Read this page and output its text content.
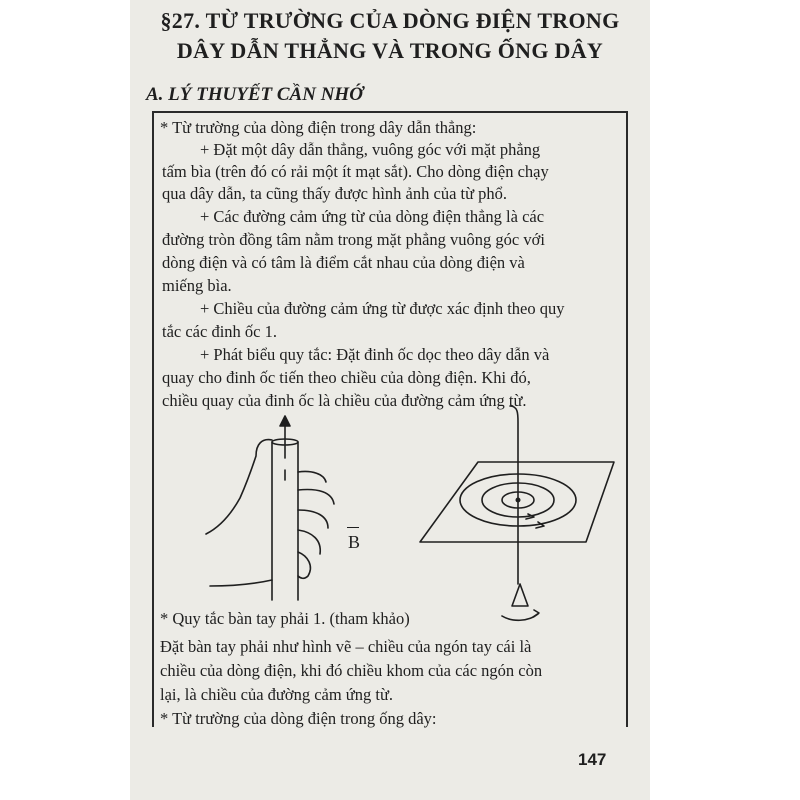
§27. TỪ TRƯỜNG CỦA DÒNG ĐIỆN TRONG
DÂY DẪN THẲNG VÀ TRONG ỐNG DÂY
A. LÝ THUYẾT CẦN NHỚ
* Từ trường của dòng điện trong dây dẫn thẳng:
+ Đặt một dây dẫn thẳng, vuông góc với mặt phẳng
tấm bìa (trên đó có rải một ít mạt sắt). Cho dòng điện chạy
qua dây dẫn, ta cũng thấy được hình ảnh của từ phổ.
+ Các đường cảm ứng từ của dòng điện thẳng là các
đường tròn đồng tâm nằm trong mặt phẳng vuông góc với
dòng điện và có tâm là điểm cắt nhau của dòng điện và
miếng bìa.
+ Chiều của đường cảm ứng từ được xác định theo quy
tắc các đinh ốc 1.
+ Phát biểu quy tắc: Đặt đinh ốc dọc theo dây dẫn và
quay cho đinh ốc tiến theo chiều của dòng điện. Khi đó,
chiều quay của đinh ốc là chiều của đường cảm ứng từ.
B
* Quy tắc bàn tay phải 1. (tham khảo)
Đặt bàn tay phải như hình vẽ – chiều của ngón tay cái là
chiều của dòng điện, khi đó chiều khom của các ngón còn
lại, là chiều của đường cảm ứng từ.
* Từ trường của dòng điện trong ống dây:
147
